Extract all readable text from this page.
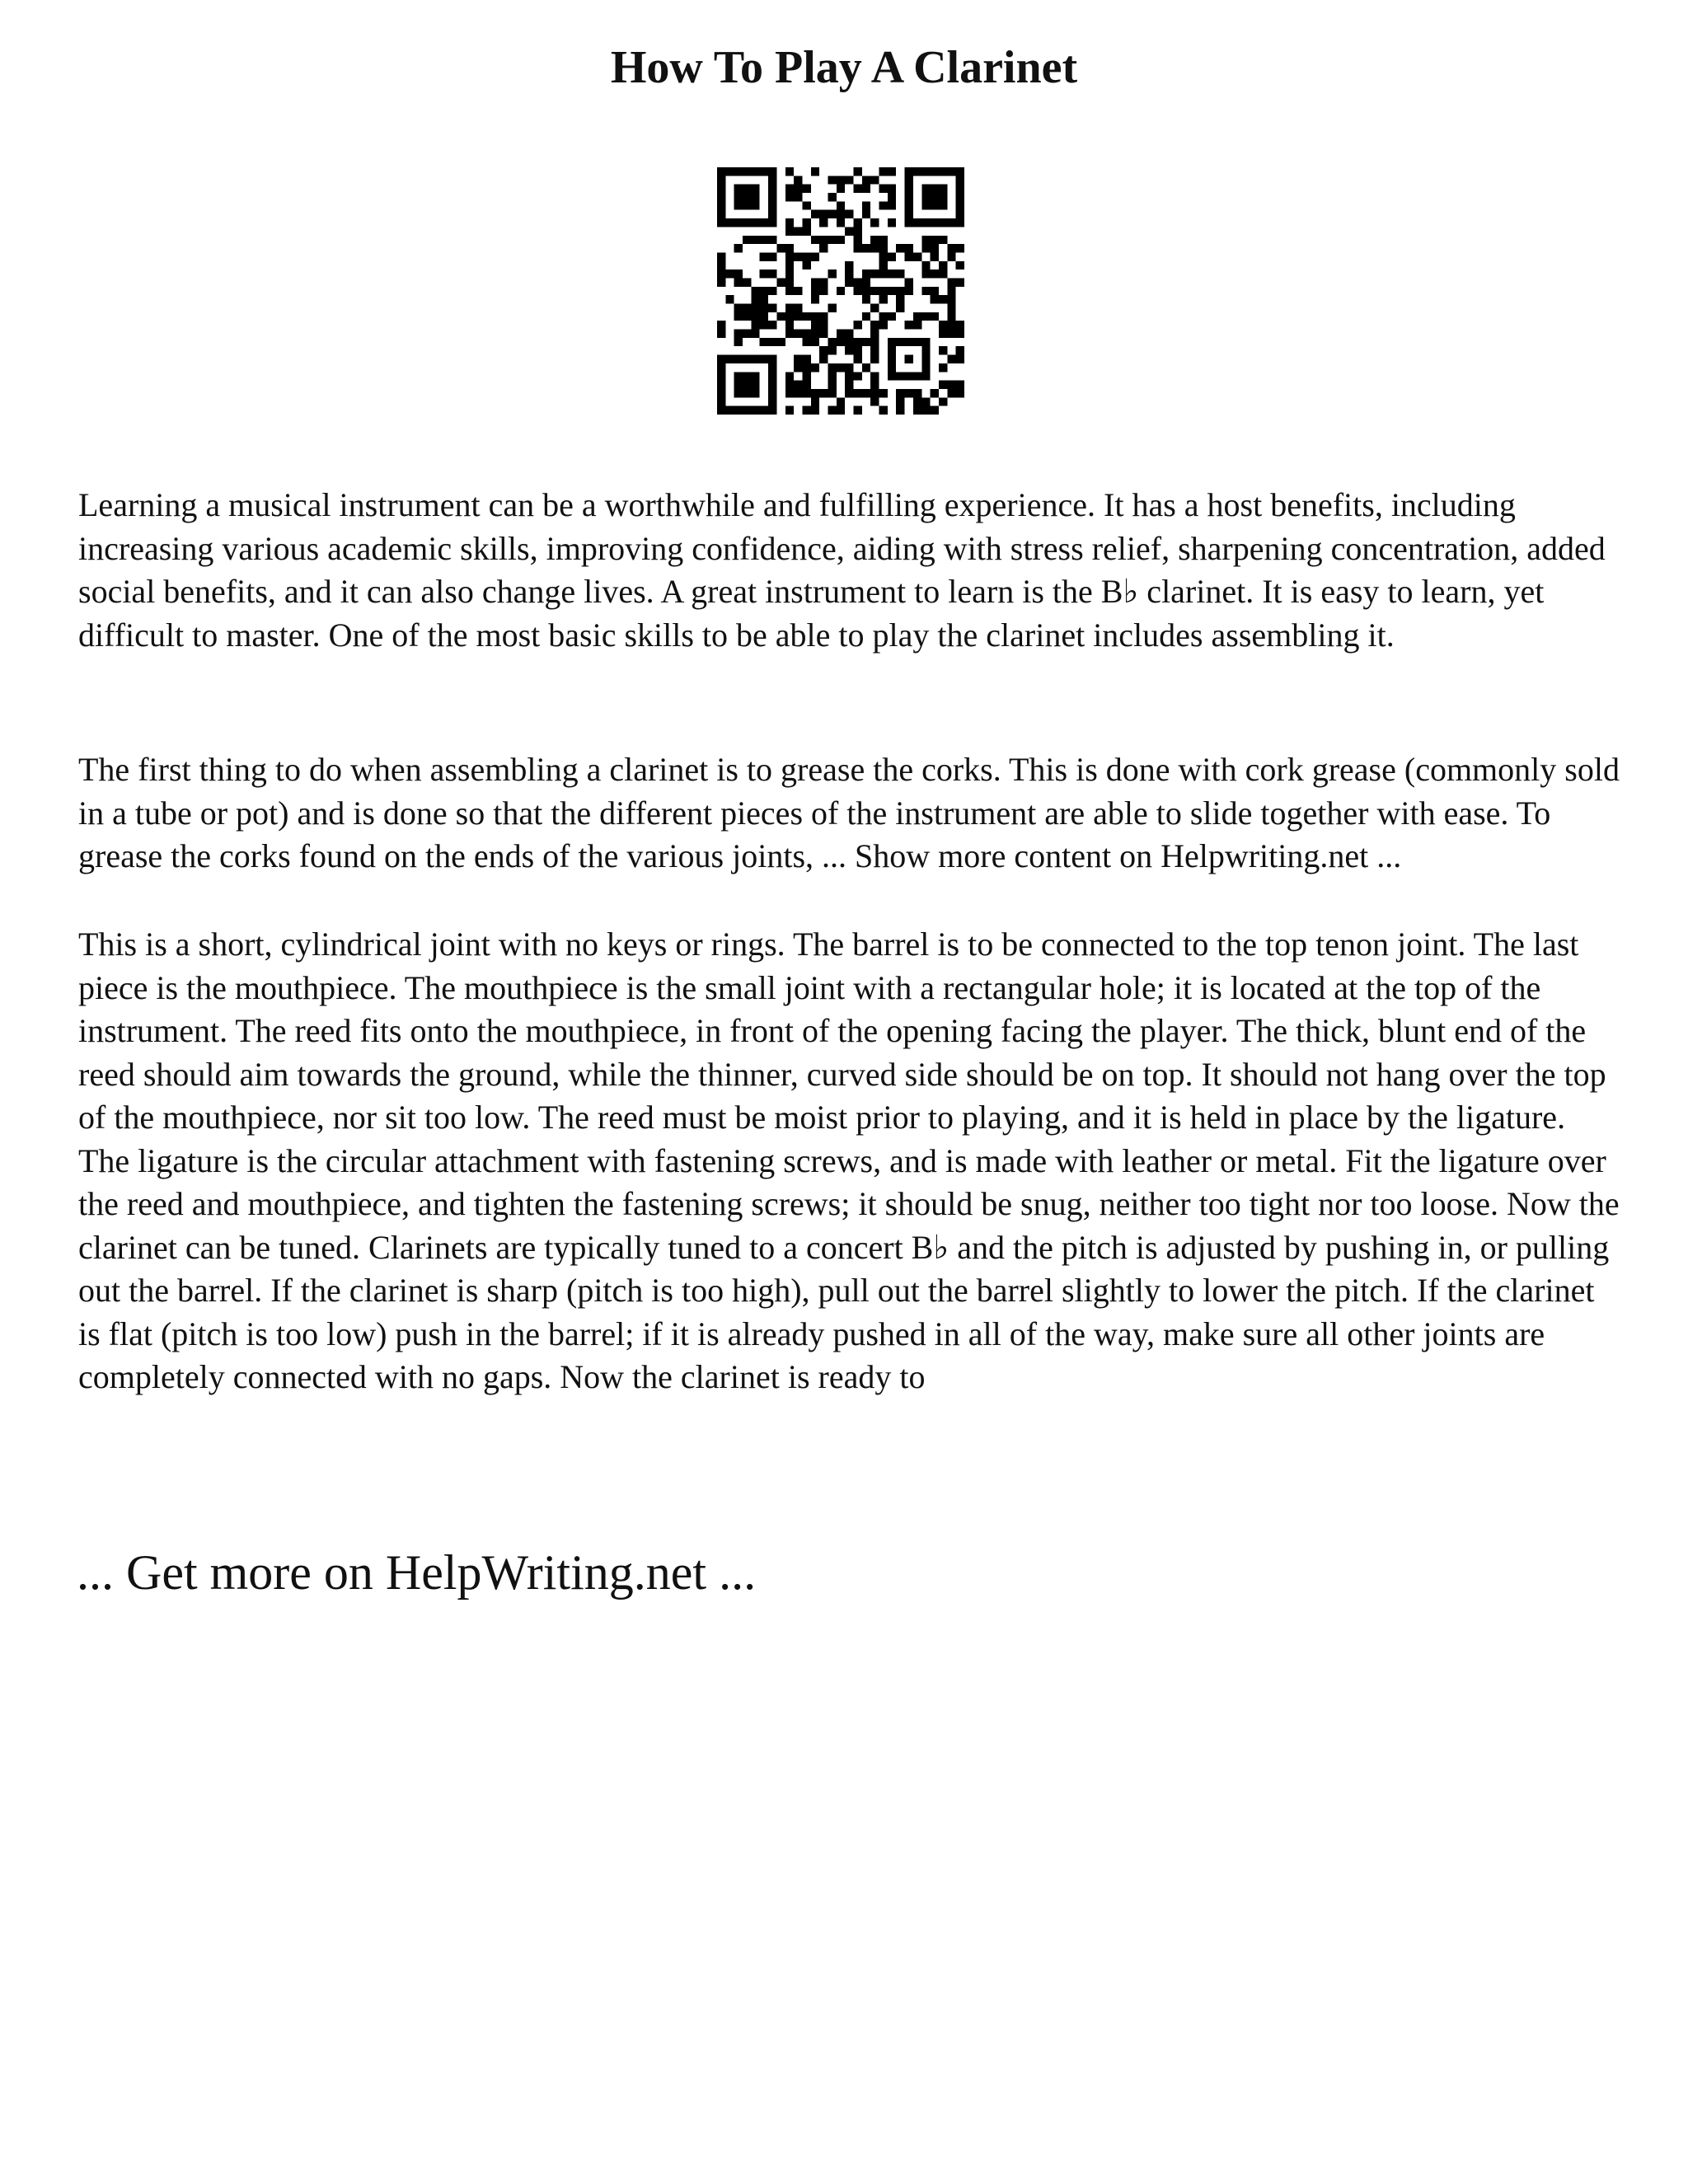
How To Play A Clarinet

Learning a musical instrument can be a worthwhile and fulfilling experience. It has a host benefits, including increasing various academic skills, improving confidence, aiding with stress relief, sharpening concentration, added social benefits, and it can also change lives. A great instrument to learn is the B♭ clarinet. It is easy to learn, yet difficult to master. One of the most basic skills to be able to play the clarinet includes assembling it.

The first thing to do when assembling a clarinet is to grease the corks. This is done with cork grease (commonly sold in a tube or pot) and is done so that the different pieces of the instrument are able to slide together with ease. To grease the corks found on the ends of the various joints, ... Show more content on Helpwriting.net ...

This is a short, cylindrical joint with no keys or rings. The barrel is to be connected to the top tenon joint. The last piece is the mouthpiece. The mouthpiece is the small joint with a rectangular hole; it is located at the top of the instrument. The reed fits onto the mouthpiece, in front of the opening facing the player. The thick, blunt end of the reed should aim towards the ground, while the thinner, curved side should be on top. It should not hang over the top of the mouthpiece, nor sit too low. The reed must be moist prior to playing, and it is held in place by the ligature. The ligature is the circular attachment with fastening screws, and is made with leather or metal. Fit the ligature over the reed and mouthpiece, and tighten the fastening screws; it should be snug, neither too tight nor too loose. Now the clarinet can be tuned. Clarinets are typically tuned to a concert B♭ and the pitch is adjusted by pushing in, or pulling out the barrel. If the clarinet is sharp (pitch is too high), pull out the barrel slightly to lower the pitch. If the clarinet is flat (pitch is too low) push in the barrel; if it is already pushed in all of the way, make sure all other joints are completely connected with no gaps. Now the clarinet is ready to

... Get more on HelpWriting.net ...
